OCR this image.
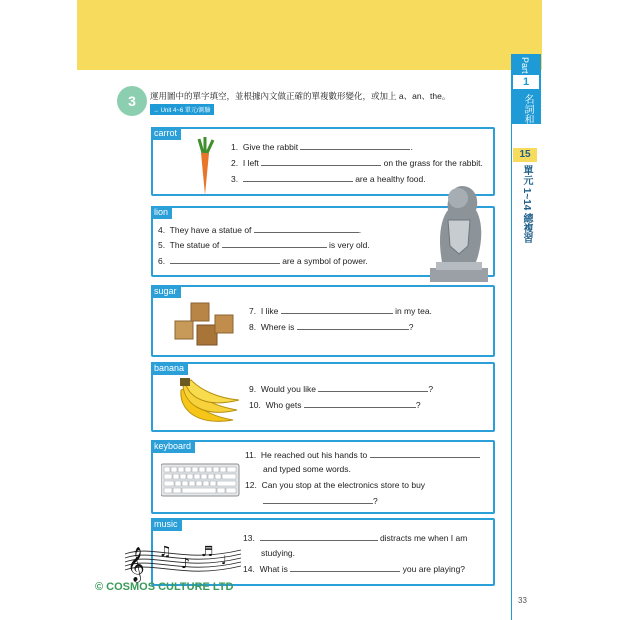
Part
1
名詞和冠詞
15
單元 1~14 總複習
3	運用圖中的單字填空，並根據內文做正確的單複數形變化，或加上 a、an、the。
→ Unit 4~6 單元/測驗
carrot
1. Give the rabbit	.
2. I left	on the grass for the rabbit.
3.	are a healthy food.
lion
4. They have a statue of	.
5. The statue of	is very old.
6.	are a symbol of power.
sugar
7. I like	in my tea.
8. Where is	?
banana
9. Would you like	?
10. Who gets	?
keyboard
11. He reached out his hands to
and typed some words.
12. Can you stop at the electronics store to buy
?
music
𝄞 ♫
♪
♬ ♩
13.	distracts me when I am
studying.
14. What is	you are playing?
© COSMOS CULTURE LTD
33
